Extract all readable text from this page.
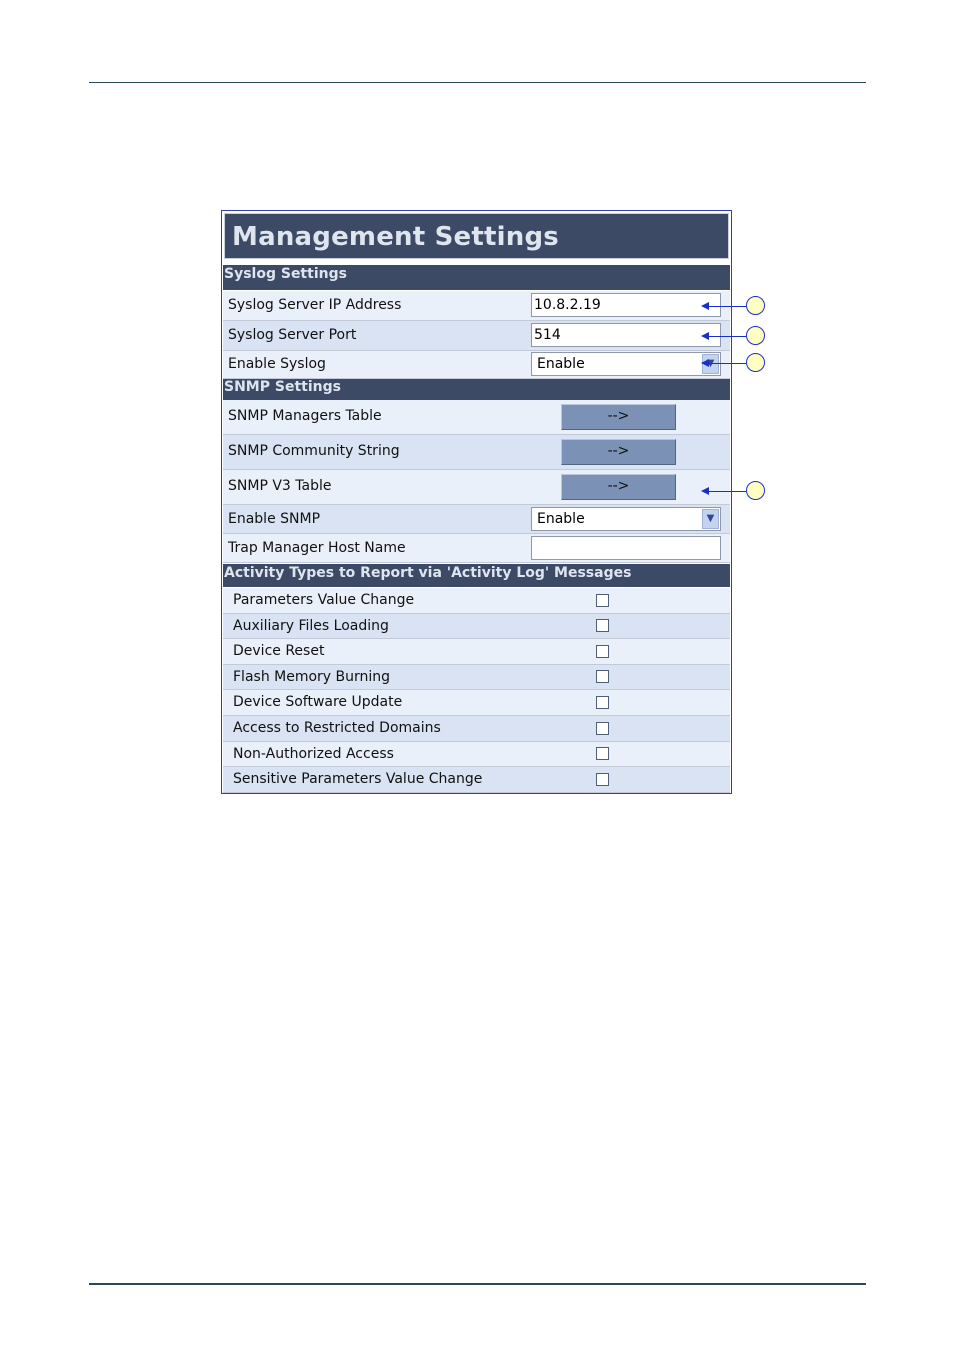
Management Settings
Syslog Settings
Syslog Server IP Address	10.8.2.19
Syslog Server Port	514
Enable Syslog	Enable
SNMP Settings
SNMP Managers Table	-->
SNMP Community String	-->
SNMP V3 Table	-->
Enable SNMP	Enable	▼
Trap Manager Host Name
Activity Types to Report via 'Activity Log' Messages
Parameters Value Change
Auxiliary Files Loading
Device Reset
Flash Memory Burning
Device Software Update
Access to Restricted Domains
Non-Authorized Access
Sensitive Parameters Value Change
